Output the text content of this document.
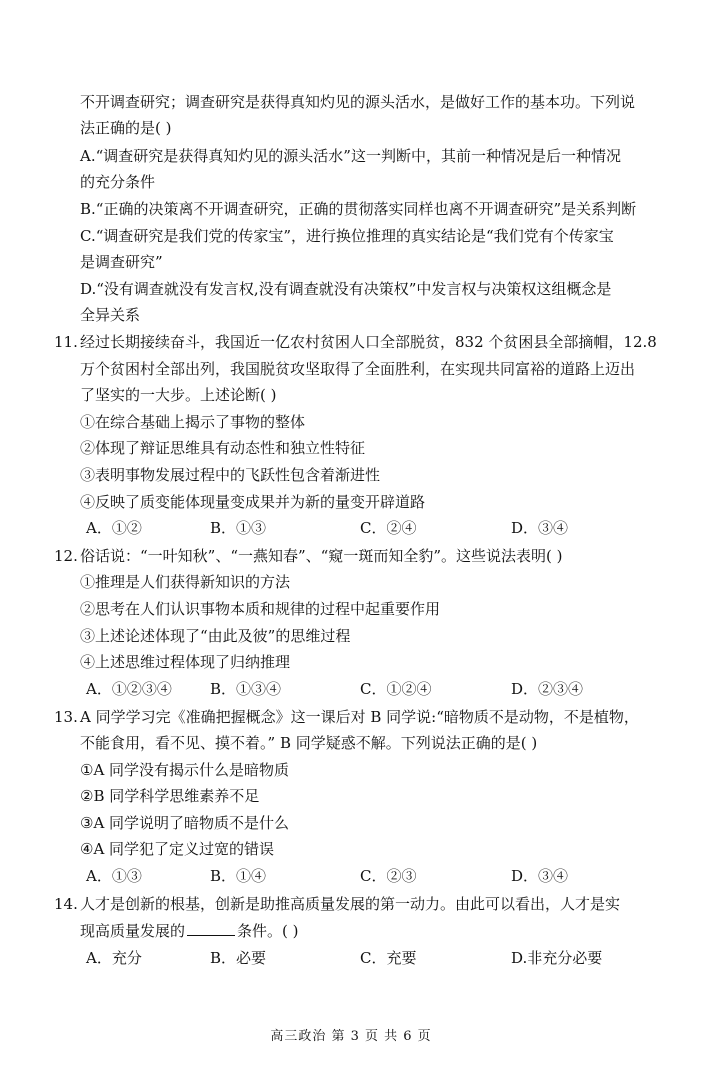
不开调查研究；调查研究是获得真知灼见的源头活水，是做好工作的基本功。下列说
法正确的是( )
A.“调查研究是获得真知灼见的源头活水”这一判断中，其前一种情况是后一种情况
的充分条件
B.“正确的决策离不开调查研究，正确的贯彻落实同样也离不开调查研究”是关系判断
C.“调查研究是我们党的传家宝”，进行换位推理的真实结论是“我们党有个传家宝
是调查研究”
D.“没有调查就没有发言权,没有调查就没有决策权”中发言权与决策权这组概念是
全异关系
11. 经过长期接续奋斗，我国近一亿农村贫困人口全部脱贫，832 个贫困县全部摘帽，12.8
万个贫困村全部出列，我国脱贫攻坚取得了全面胜利，在实现共同富裕的道路上迈出
了坚实的一大步。上述论断( )
①在综合基础上揭示了事物的整体
②体现了辩证思维具有动态性和独立性特征
③表明事物发展过程中的飞跃性包含着渐进性
④反映了质变能体现量变成果并为新的量变开辟道路
A．①②	B．①③	C．②④	D．③④
12. 俗话说：“一叶知秋”、“一燕知春”、“窥一斑而知全豹”。这些说法表明( )
①推理是人们获得新知识的方法
②思考在人们认识事物本质和规律的过程中起重要作用
③上述论述体现了“由此及彼”的思维过程
④上述思维过程体现了归纳推理
A．①②③④	B．①③④	C．①②④	D．②③④
13. A 同学学习完《准确把握概念》这一课后对 B 同学说:“暗物质不是动物，不是植物，
不能食用，看不见、摸不着。” B 同学疑惑不解。下列说法正确的是( )
①A 同学没有揭示什么是暗物质
②B 同学科学思维素养不足
③A 同学说明了暗物质不是什么
④A 同学犯了定义过宽的错误
A．①③	B．①④	C．②③	D．③④
14. 人才是创新的根基，创新是助推高质量发展的第一动力。由此可以看出，人才是实
现高质量发展的	条件。( )
A．充分	B．必要	C．充要	D.非充分必要
高三政治 第 3 页 共 6 页
